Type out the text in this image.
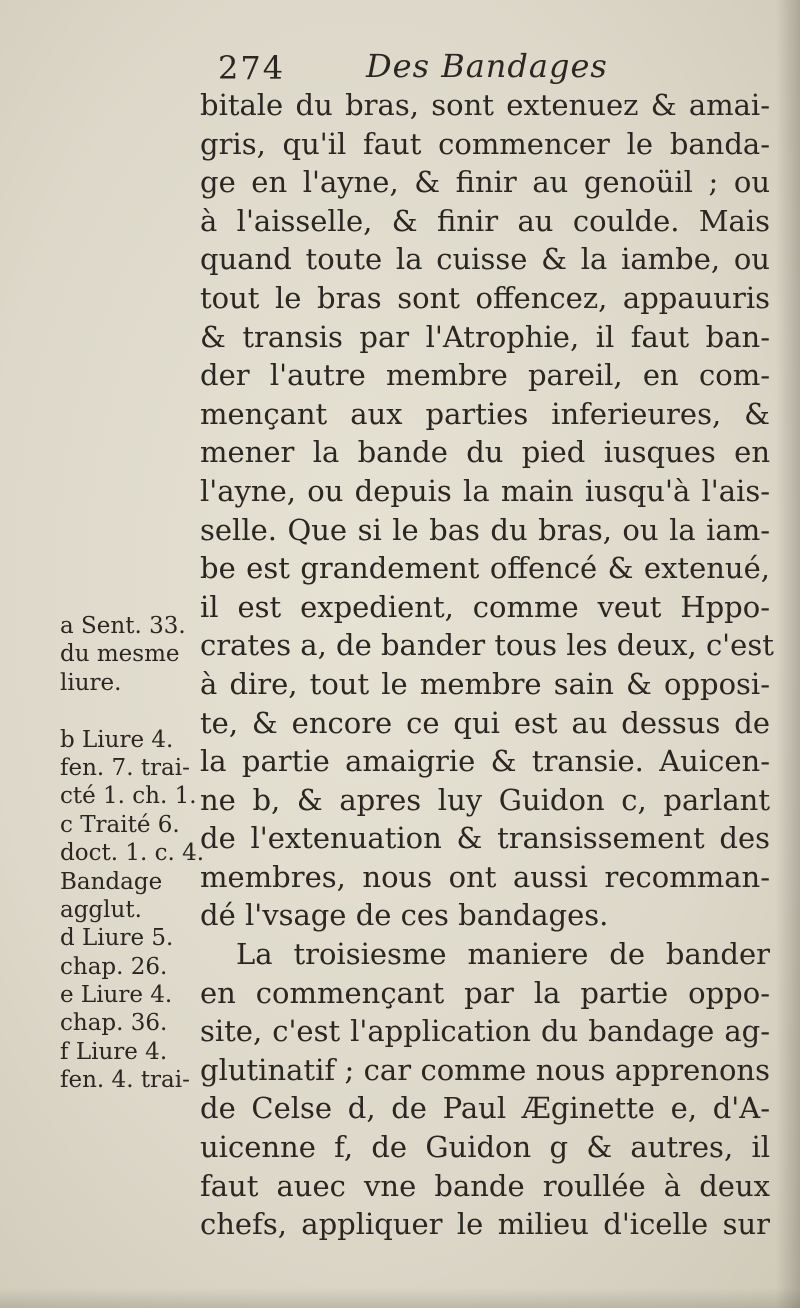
274	Des Bandages
bitale du bras, sont extenuez & amai-
gris, qu'il faut commencer le banda-
ge en l'ayne, & finir au genoüil ; ou
à l'aisselle, & finir au coulde. Mais
quand toute la cuisse & la iambe, ou
tout le bras sont offencez, appauuris
& transis par l'Atrophie, il faut ban-
der l'autre membre pareil, en com-
mençant aux parties inferieures, &
mener la bande du pied iusques en
l'ayne, ou depuis la main iusqu'à l'ais-
selle. Que si le bas du bras, ou la iam-
be est grandement offencé & extenué,
il est expedient, comme veut Hppo-
crates a, de bander tous les deux, c'est
à dire, tout le membre sain & opposi-
te, & encore ce qui est au dessus de
la partie amaigrie & transie. Auicen-
ne b, & apres luy Guidon c, parlant
de l'extenuation & transissement des
membres, nous ont aussi recomman-
dé l'vsage de ces bandages.
La troisiesme maniere de bander
en commençant par la partie oppo-
site, c'est l'application du bandage ag-
glutinatif ; car comme nous apprenons
de Celse d, de Paul Æginette e, d'A-
uicenne f, de Guidon g & autres, il
faut auec vne bande roullée à deux
chefs, appliquer le milieu d'icelle sur
a Sent. 33.
du mesme
liure.
b Liure 4.
fen. 7. trai-
cté 1. ch. 1.
c Traité 6.
doct. 1. c. 4.
Bandage
agglut.
d Liure 5.
chap. 26.
e Liure 4.
chap. 36.
f Liure 4.
fen. 4. trai-
